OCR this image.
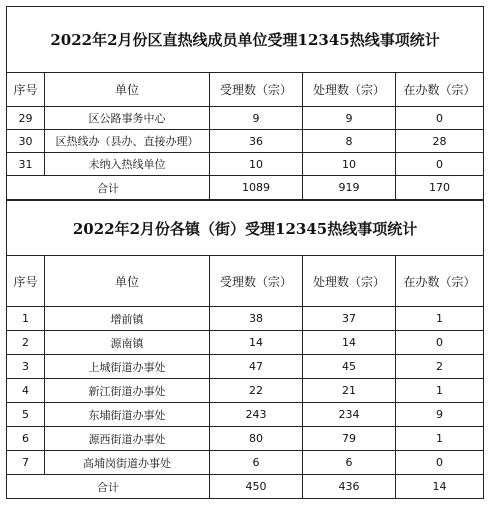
2022年2月份区直热线成员单位受理12345热线事项统计				
序号	单位	受理数（宗）	处理数（宗）	在办数（宗）
29	区公路事务中心	9	9	0
30	区热线办（县办、直接办理）	36	8	28
31	未纳入热线单位	10	10	0
合计		1089	919	170
2022年2月份各镇（街）受理12345热线事项统计				
序号	单位	受理数（宗）	处理数（宗）	在办数（宗）
1	增前镇	38	37	1
2	源南镇	14	14	0
3	上城街道办事处	47	45	2
4	新江街道办事处	22	21	1
5	东埔街道办事处	243	234	9
6	源西街道办事处	80	79	1
7	高埔岗街道办事处	6	6	0
合计		450	436	14
